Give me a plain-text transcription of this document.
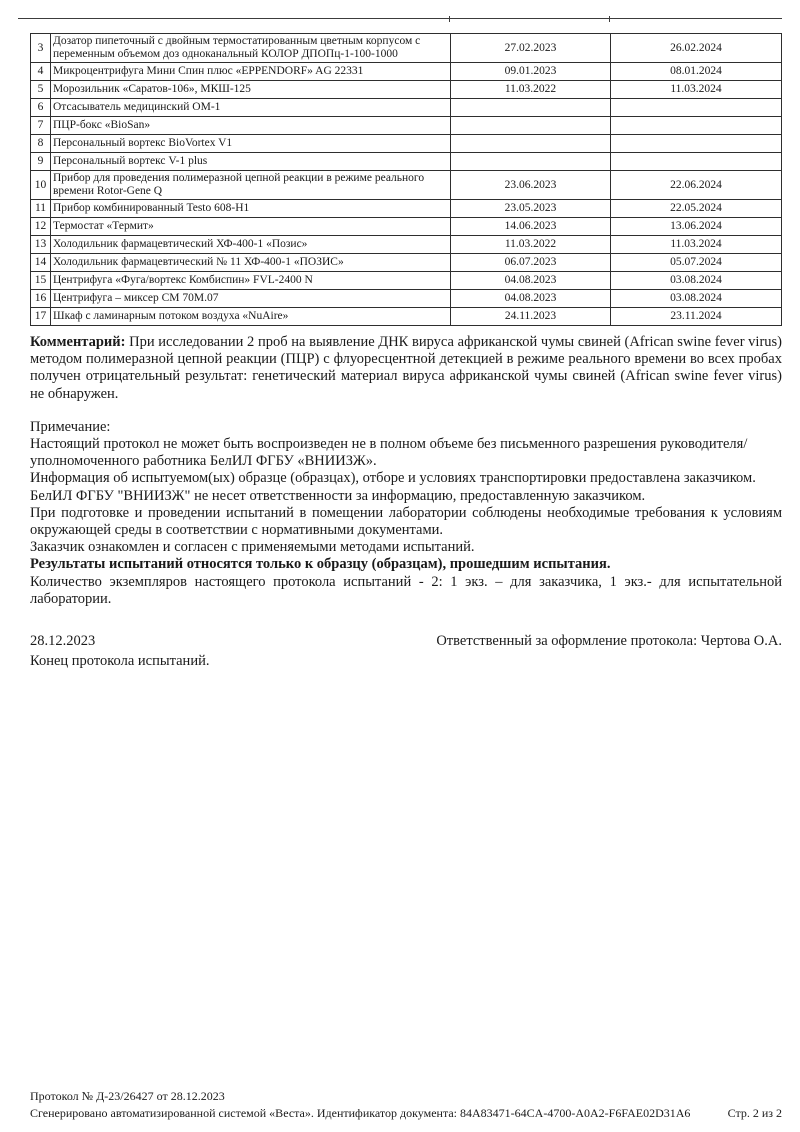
3	Дозатор пипеточный с двойным термостатированным цветным корпусом с переменным объемом доз одноканальный КОЛОР ДПОПц-1-100-1000	27.02.2023	26.02.2024
4	Микроцентрифуга Мини Спин плюс «EPPENDORF» AG 22331	09.01.2023	08.01.2024
5	Морозильник «Саратов-106», МКШ-125	11.03.2022	11.03.2024
6	Отсасыватель медицинский ОМ-1		
7	ПЦР-бокс «BioSan»		
8	Персональный вортекс BioVortex V1		
9	Персональный вортекс V-1 plus		
10	Прибор для проведения полимеразной цепной реакции в режиме реального времени Rotor-Gene Q	23.06.2023	22.06.2024
11	Прибор комбинированный Testo 608-H1	23.05.2023	22.05.2024
12	Термостат «Термит»	14.06.2023	13.06.2024
13	Холодильник фармацевтический ХФ-400-1 «Позис»	11.03.2022	11.03.2024
14	Холодильник фармацевтический № 11 ХФ-400-1 «ПОЗИС»	06.07.2023	05.07.2024
15	Центрифуга «Фуга/вортекс Комбиспин» FVL-2400 N	04.08.2023	03.08.2024
16	Центрифуга – миксер СМ 70М.07	04.08.2023	03.08.2024
17	Шкаф с ламинарным потоком воздуха «NuAire»	24.11.2023	23.11.2024

Комментарий: При исследовании 2 проб на выявление ДНК вируса африканской чумы свиней (African swine fever virus) методом полимеразной цепной реакции (ПЦР) с флуоресцентной детекцией в режиме реального времени во всех пробах получен отрицательный результат: генетический материал вируса африканской чумы свиней (African swine fever virus) не обнаружен.

Примечание:

Настоящий протокол не может быть воспроизведен не в полном объеме без письменного разрешения руководителя/уполномоченного работника БелИЛ ФГБУ «ВНИИЗЖ».

Информация об испытуемом(ых) образце (образцах), отборе и условиях транспортировки предоставлена заказчиком.

БелИЛ ФГБУ "ВНИИЗЖ" не несет ответственности за информацию, предоставленную заказчиком.

При подготовке и проведении испытаний в помещении лаборатории соблюдены необходимые требования к условиям окружающей среды в соответствии с нормативными документами.

Заказчик ознакомлен и согласен с применяемыми методами испытаний.

Результаты испытаний относятся только к образцу (образцам), прошедшим испытания.

Количество экземпляров настоящего протокола испытаний - 2: 1 экз. – для заказчика, 1 экз.- для испытательной лаборатории.

28.12.2023	Ответственный за оформление протокола: Чертова О.А.

Конец протокола испытаний.

Протокол № Д-23/26427 от 28.12.2023
Сгенерировано автоматизированной системой «Веста». Идентификатор документа: 84A83471-64CA-4700-A0A2-F6FAE02D31A6	Стр. 2 из 2
